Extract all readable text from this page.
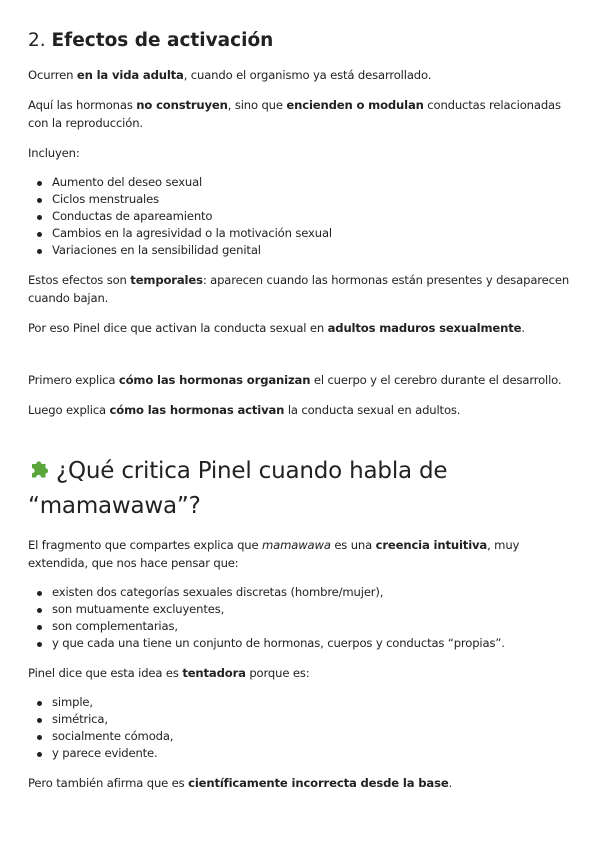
2. Efectos de activación

Ocurren en la vida adulta, cuando el organismo ya está desarrollado.

Aquí las hormonas no construyen, sino que encienden o modulan conductas relacionadas con la reproducción.

Incluyen:

Aumento del deseo sexual
Ciclos menstruales
Conductas de apareamiento
Cambios en la agresividad o la motivación sexual
Variaciones en la sensibilidad genital

Estos efectos son temporales: aparecen cuando las hormonas están presentes y desaparecen cuando bajan.

Por eso Pinel dice que activan la conducta sexual en adultos maduros sexualmente.

Primero explica cómo las hormonas organizan el cuerpo y el cerebro durante el desarrollo.

Luego explica cómo las hormonas activan la conducta sexual en adultos.

¿Qué critica Pinel cuando habla de “mamawawa”?

El fragmento que compartes explica que mamawawa es una creencia intuitiva, muy extendida, que nos hace pensar que:

existen dos categorías sexuales discretas (hombre/mujer),
son mutuamente excluyentes,
son complementarias,
y que cada una tiene un conjunto de hormonas, cuerpos y conductas “propias”.

Pinel dice que esta idea es tentadora porque es:

simple,
simétrica,
socialmente cómoda,
y parece evidente.

Pero también afirma que es científicamente incorrecta desde la base.
